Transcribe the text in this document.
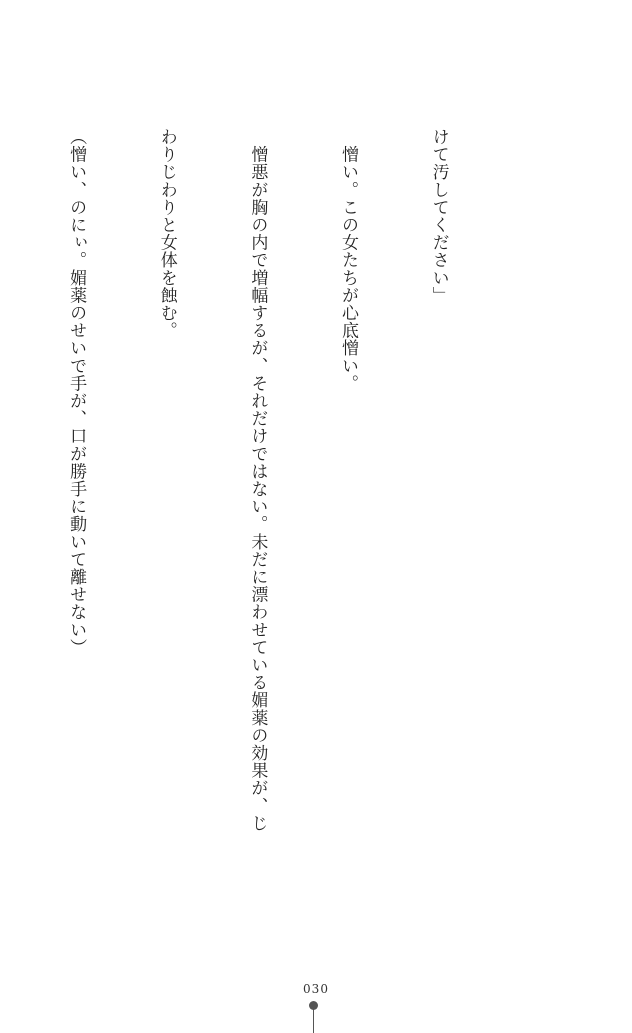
けて汚してください」

　憎い。この女たちが心底憎い。

　憎悪が胸の内で増幅するが、それだけではない。未だに漂わせている媚薬の効果が、じ

わりじわりと女体を蝕む。

（憎い、のにぃ。媚薬のせいで手が、口が勝手に動いて離せない）

030
